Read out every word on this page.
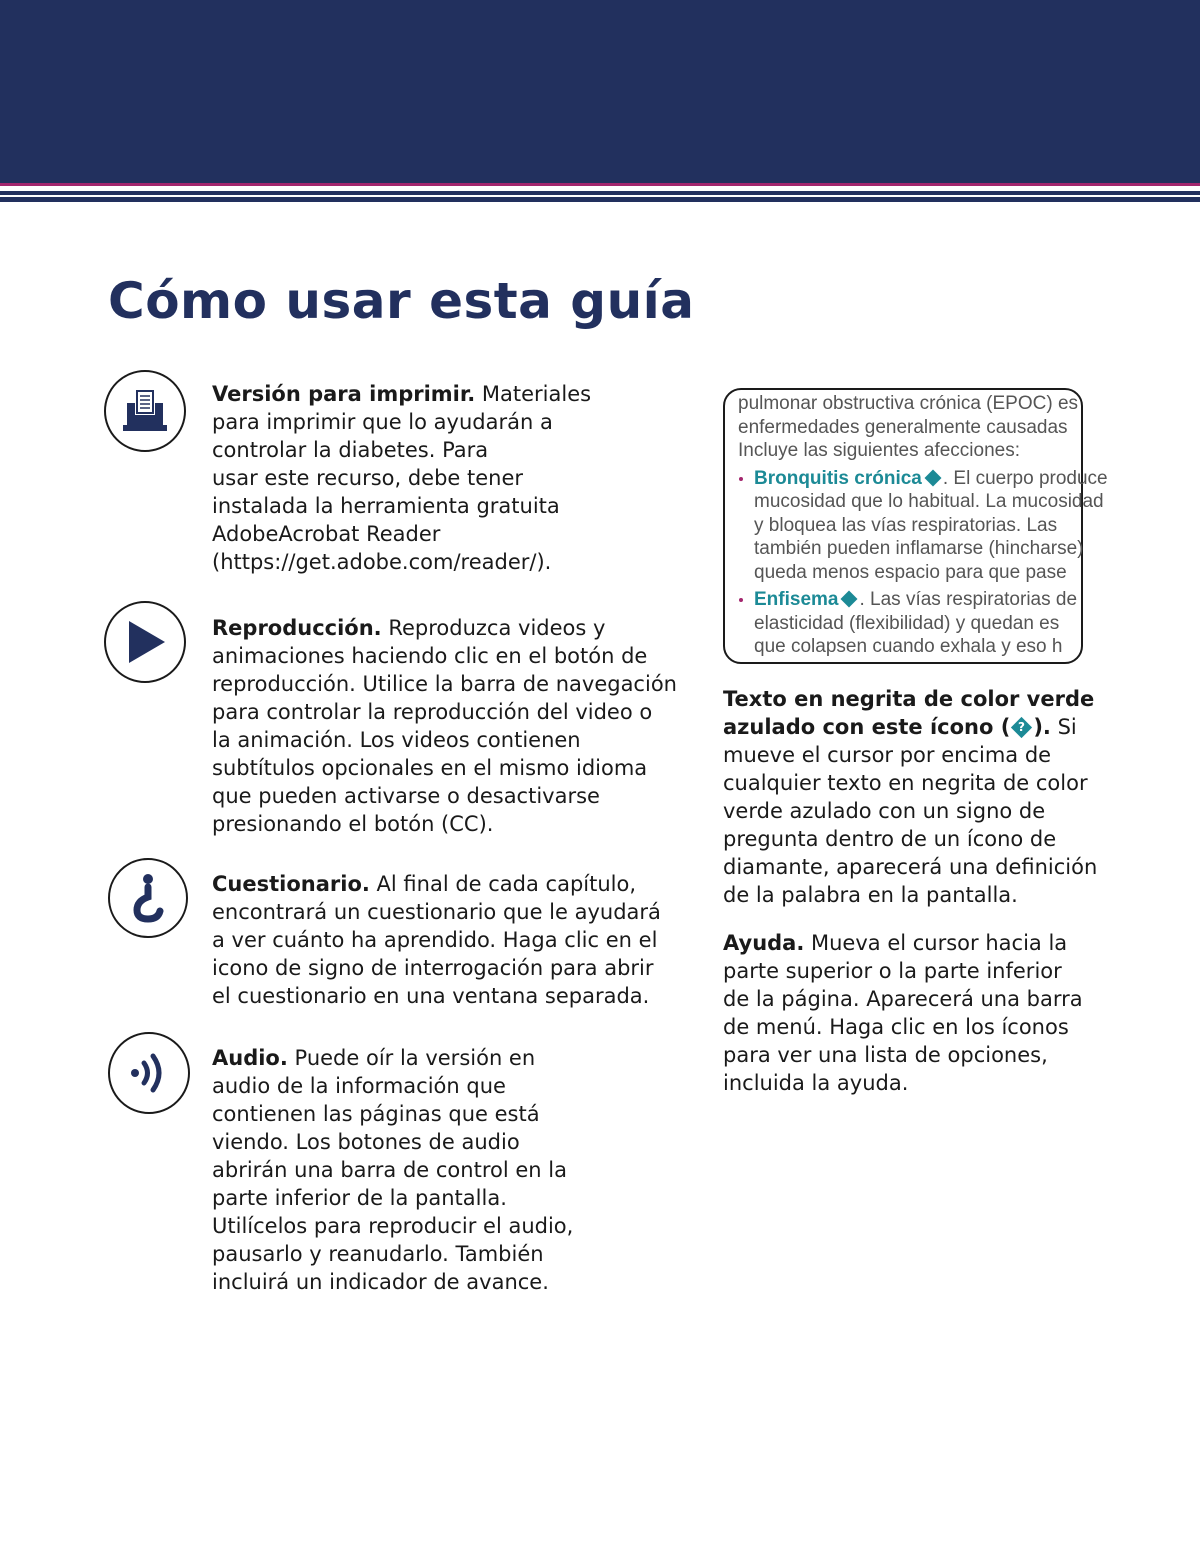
Cómo usar esta guía

Versión para imprimir. Materiales
para imprimir que lo ayudarán a
controlar la diabetes. Para
usar este recurso, debe tener
instalada la herramienta gratuita
AdobeAcrobat Reader
(https://get.adobe.com/reader/).

Reproducción. Reproduzca videos y
animaciones haciendo clic en el botón de
reproducción. Utilice la barra de navegación
para controlar la reproducción del video o
la animación. Los videos contienen
subtítulos opcionales en el mismo idioma
que pueden activarse o desactivarse
presionando el botón (CC).

Cuestionario. Al final de cada capítulo,
encontrará un cuestionario que le ayudará
a ver cuánto ha aprendido. Haga clic en el
icono de signo de interrogación para abrir
el cuestionario en una ventana separada.

Audio. Puede oír la versión en
audio de la información que
contienen las páginas que está
viendo. Los botones de audio
abrirán una barra de control en la
parte inferior de la pantalla.
Utilícelos para reproducir el audio,
pausarlo y reanudarlo. También
incluirá un indicador de avance.

pulmonar obstructiva crónica (EPOC) es
enfermedades generalmente causadas
Incluye las siguientes afecciones:
Bronquitis crónica . El cuerpo produce
mucosidad que lo habitual. La mucosidad
y bloquea las vías respiratorias. Las
también pueden inflamarse (hincharse)
queda menos espacio para que pase
Enfisema . Las vías respiratorias de
elasticidad (flexibilidad) y quedan es
que colapsen cuando exhala y eso h

Texto en negrita de color verde
azulado con este ícono ( ? ). Si
mueve el cursor por encima de
cualquier texto en negrita de color
verde azulado con un signo de
pregunta dentro de un ícono de
diamante, aparecerá una definición
de la palabra en la pantalla.

Ayuda. Mueva el cursor hacia la
parte superior o la parte inferior
de la página. Aparecerá una barra
de menú. Haga clic en los íconos
para ver una lista de opciones,
incluida la ayuda.
